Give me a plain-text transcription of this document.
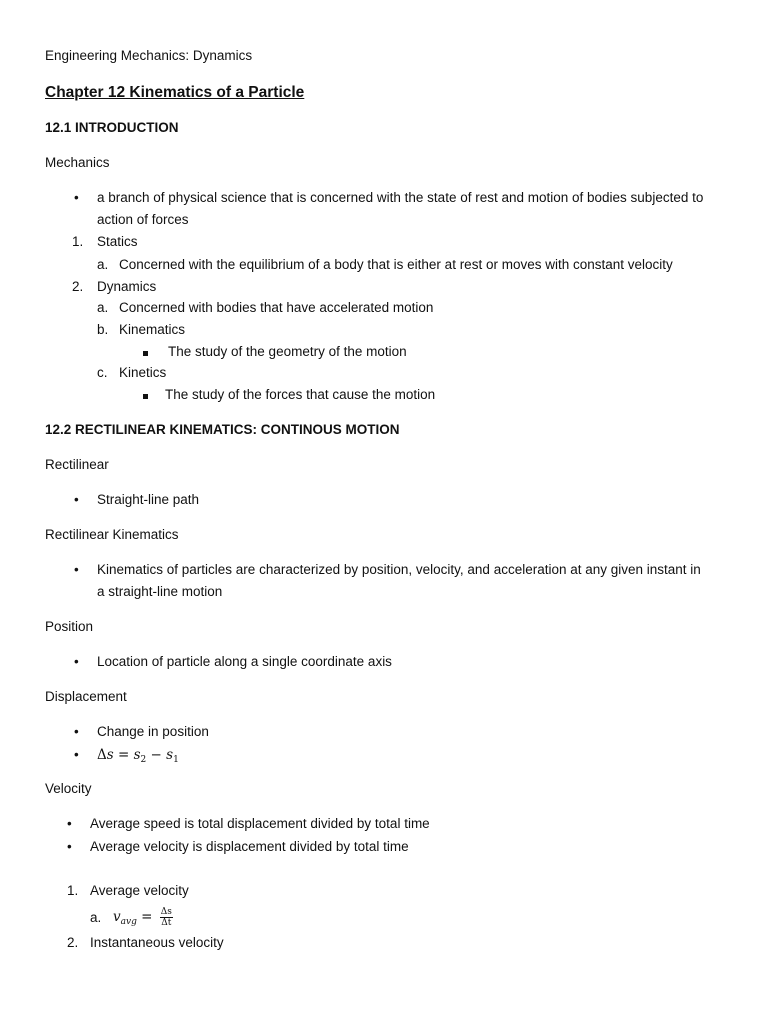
Engineering Mechanics: Dynamics
Chapter 12 Kinematics of a Particle
12.1 INTRODUCTION
Mechanics
• a branch of physical science that is concerned with the state of rest and motion of bodies subjected to
action of forces
1. Statics
a. Concerned with the equilibrium of a body that is either at rest or moves with constant velocity
2. Dynamics
a. Concerned with bodies that have accelerated motion
b. Kinematics
The study of the geometry of the motion
c. Kinetics
The study of the forces that cause the motion
12.2 RECTILINEAR KINEMATICS: CONTINOUS MOTION
Rectilinear
• Straight-line path
Rectilinear Kinematics
• Kinematics of particles are characterized by position, velocity, and acceleration at any given instant in
a straight-line motion
Position
• Location of particle along a single coordinate axis
Displacement
• Change in position
• $\Delta s = s_2 - s_1$
Velocity
• Average speed is total displacement divided by total time
• Average velocity is displacement divided by total time
1. Average velocity
a. $v_{avg} = \frac{\Delta s}{\Delta t}$
2. Instantaneous velocity
